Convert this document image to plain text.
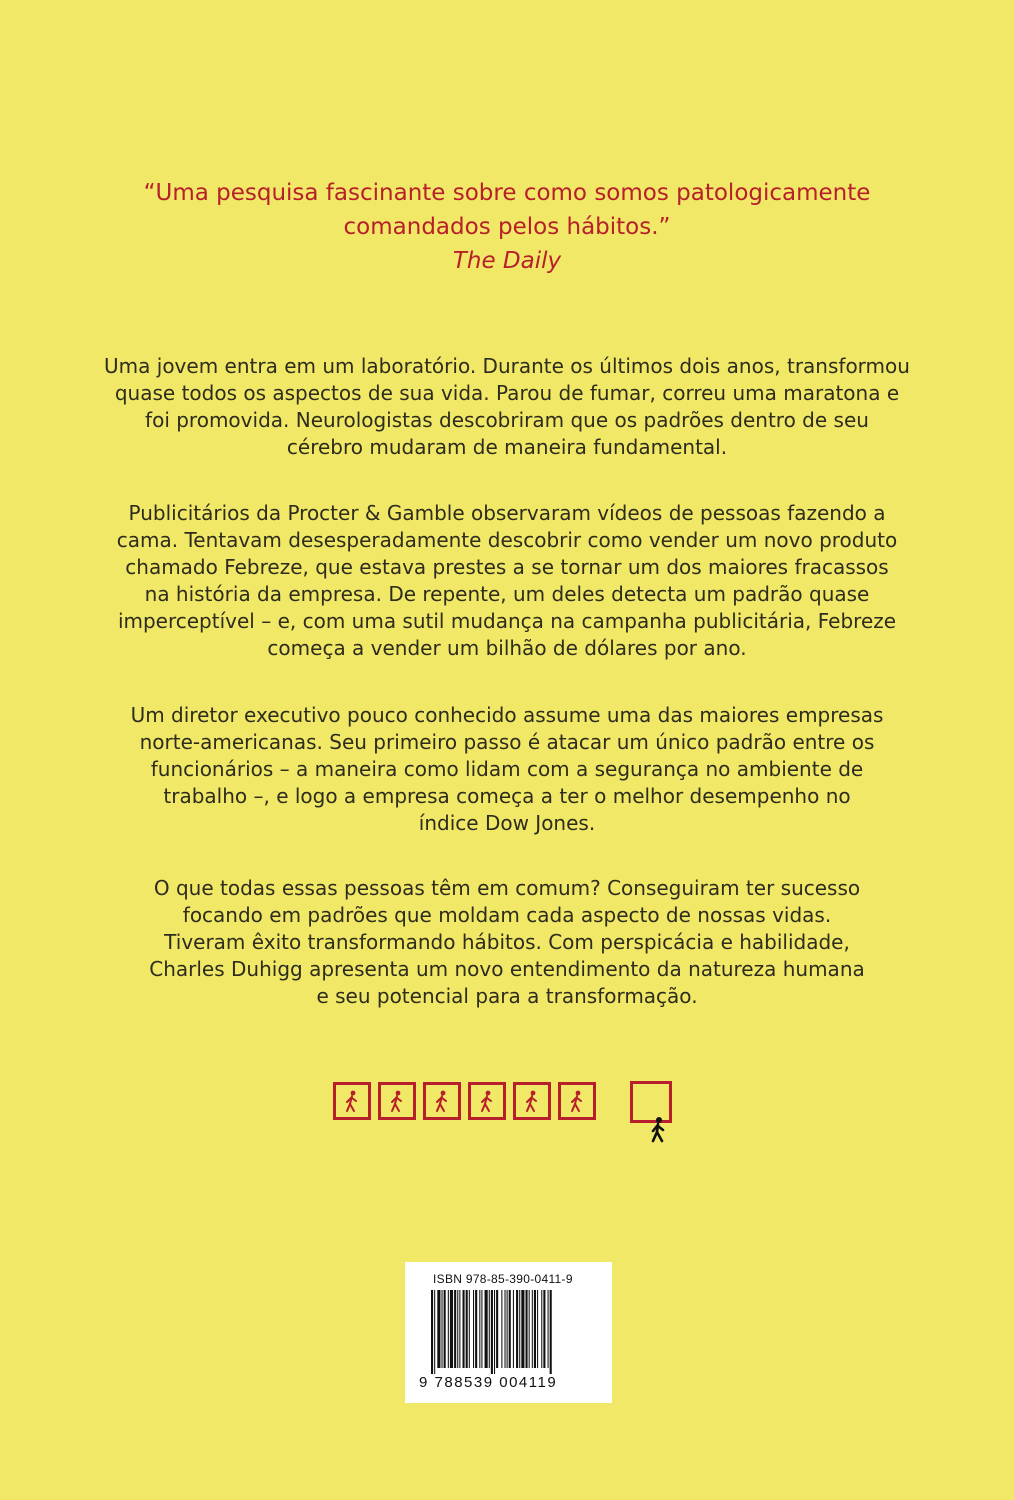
“Uma pesquisa fascinante sobre como somos patologicamente
comandados pelos hábitos.”
The Daily
Uma jovem entra em um laboratório. Durante os últimos dois anos, transformou
quase todos os aspectos de sua vida. Parou de fumar, correu uma maratona e
foi promovida. Neurologistas descobriram que os padrões dentro de seu
cérebro mudaram de maneira fundamental.
Publicitários da Procter & Gamble observaram vídeos de pessoas fazendo a
cama. Tentavam desesperadamente descobrir como vender um novo produto
chamado Febreze, que estava prestes a se tornar um dos maiores fracassos
na história da empresa. De repente, um deles detecta um padrão quase
imperceptível – e, com uma sutil mudança na campanha publicitária, Febreze
começa a vender um bilhão de dólares por ano.
Um diretor executivo pouco conhecido assume uma das maiores empresas
norte-americanas. Seu primeiro passo é atacar um único padrão entre os
funcionários – a maneira como lidam com a segurança no ambiente de
trabalho –, e logo a empresa começa a ter o melhor desempenho no
índice Dow Jones.
O que todas essas pessoas têm em comum? Conseguiram ter sucesso
focando em padrões que moldam cada aspecto de nossas vidas.
Tiveram êxito transformando hábitos. Com perspicácia e habilidade,
Charles Duhigg apresenta um novo entendimento da natureza humana
e seu potencial para a transformação.
ISBN 978-85-390-0411-9
9 788539 004119
